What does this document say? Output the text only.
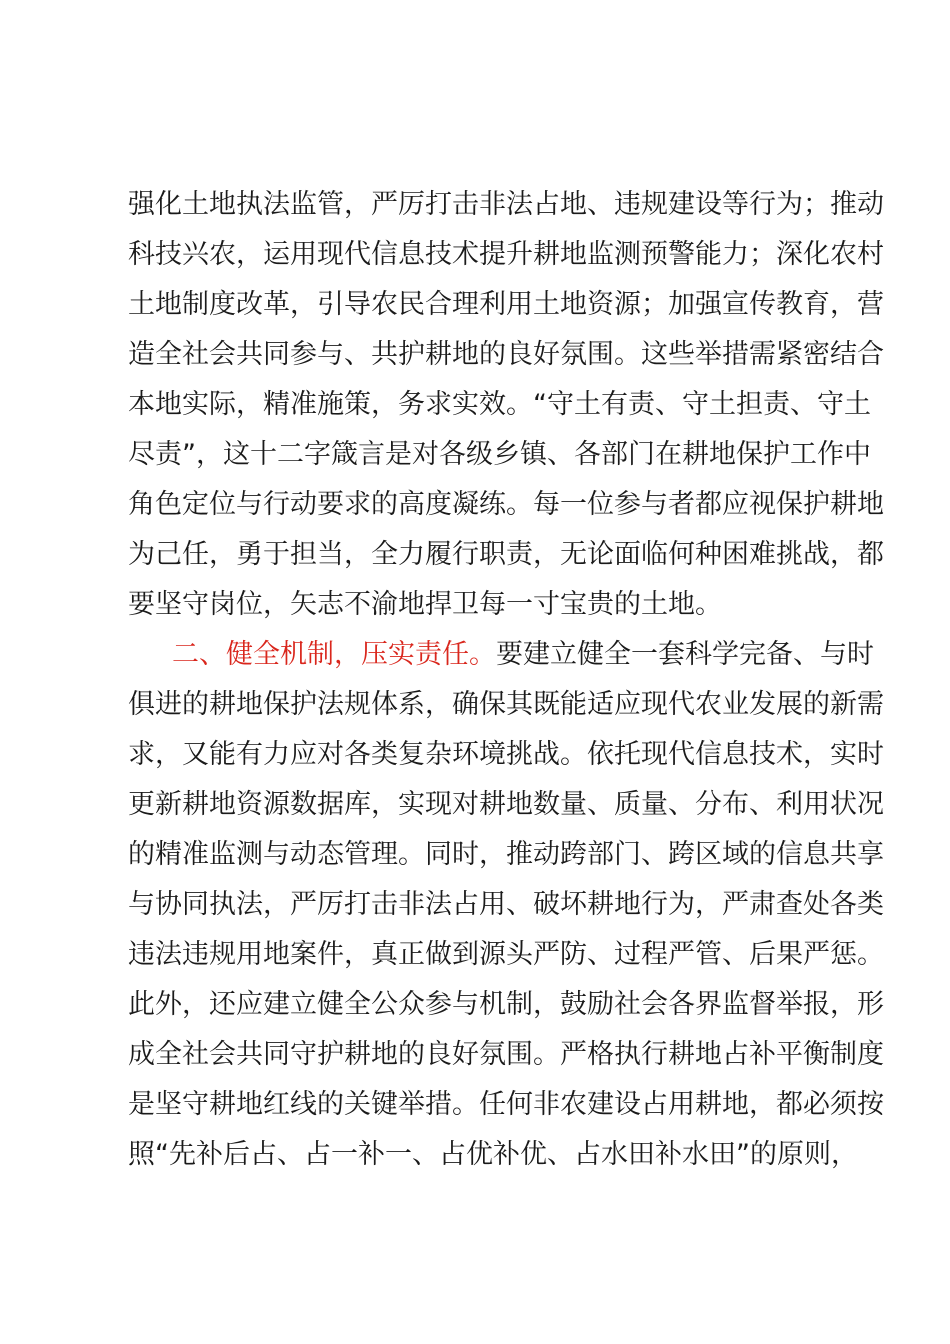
强化土地执法监管，严厉打击非法占地、违规建设等行为；推动
科技兴农，运用现代信息技术提升耕地监测预警能力；深化农村
土地制度改革，引导农民合理利用土地资源；加强宣传教育，营
造全社会共同参与、共护耕地的良好氛围。这些举措需紧密结合
本地实际，精准施策，务求实效。“守土有责、守土担责、守土
尽责”，这十二字箴言是对各级乡镇、各部门在耕地保护工作中
角色定位与行动要求的高度凝练。每一位参与者都应视保护耕地
为己任，勇于担当，全力履行职责，无论面临何种困难挑战，都
要坚守岗位，矢志不渝地捍卫每一寸宝贵的土地。
二、健全机制，压实责任。要建立健全一套科学完备、与时
俱进的耕地保护法规体系，确保其既能适应现代农业发展的新需
求，又能有力应对各类复杂环境挑战。依托现代信息技术，实时
更新耕地资源数据库，实现对耕地数量、质量、分布、利用状况
的精准监测与动态管理。同时，推动跨部门、跨区域的信息共享
与协同执法，严厉打击非法占用、破坏耕地行为，严肃查处各类
违法违规用地案件，真正做到源头严防、过程严管、后果严惩。
此外，还应建立健全公众参与机制，鼓励社会各界监督举报，形
成全社会共同守护耕地的良好氛围。严格执行耕地占补平衡制度
是坚守耕地红线的关键举措。任何非农建设占用耕地，都必须按
照“先补后占、占一补一、占优补优、占水田补水田”的原则，
